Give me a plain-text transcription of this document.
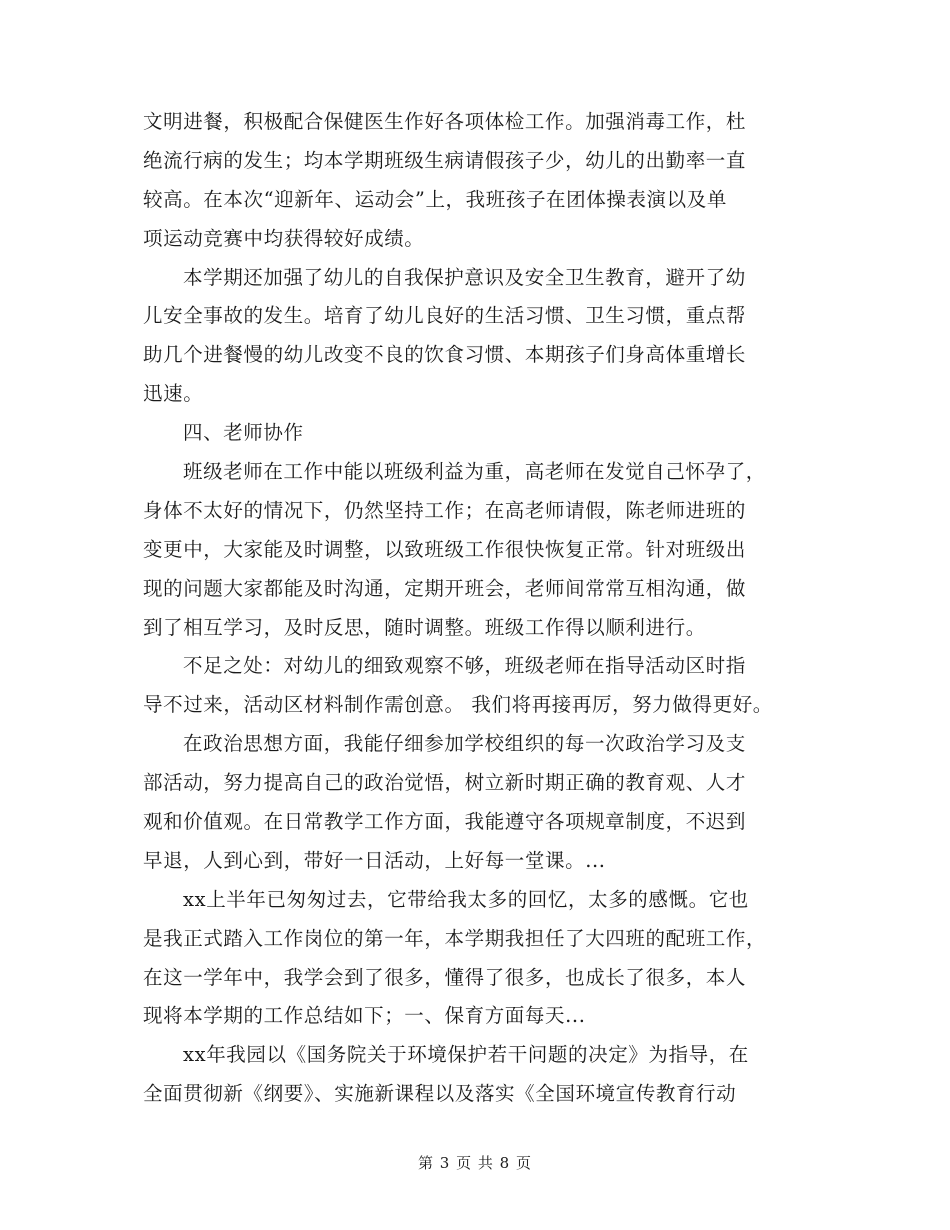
文明进餐，积极配合保健医生作好各项体检工作。加强消毒工作，杜
绝流行病的发生；均本学期班级生病请假孩子少，幼儿的出勤率一直
较高。在本次“迎新年、运动会”上，我班孩子在团体操表演以及单
项运动竞赛中均获得较好成绩。
本学期还加强了幼儿的自我保护意识及安全卫生教育，避开了幼
儿安全事故的发生。培育了幼儿良好的生活习惯、卫生习惯，重点帮
助几个进餐慢的幼儿改变不良的饮食习惯、本期孩子们身高体重增长
迅速。
四、老师协作
班级老师在工作中能以班级利益为重，高老师在发觉自己怀孕了，
身体不太好的情况下，仍然坚持工作；在高老师请假，陈老师进班的
变更中，大家能及时调整，以致班级工作很快恢复正常。针对班级出
现的问题大家都能及时沟通，定期开班会，老师间常常互相沟通，做
到了相互学习，及时反思，随时调整。班级工作得以顺利进行。
不足之处：对幼儿的细致观察不够，班级老师在指导活动区时指
导不过来，活动区材料制作需创意。 我们将再接再厉，努力做得更好。
在政治思想方面，我能仔细参加学校组织的每一次政治学习及支
部活动，努力提高自己的政治觉悟，树立新时期正确的教育观、人才
观和价值观。在日常教学工作方面，我能遵守各项规章制度，不迟到
早退，人到心到，带好一日活动，上好每一堂课。...
xx上半年已匆匆过去，它带给我太多的回忆，太多的感慨。它也
是我正式踏入工作岗位的第一年，本学期我担任了大四班的配班工作，
在这一学年中，我学会到了很多，懂得了很多，也成长了很多，本人
现将本学期的工作总结如下；一、保育方面每天...
xx年我园以《国务院关于环境保护若干问题的决定》为指导，在
全面贯彻新《纲要》、实施新课程以及落实《全国环境宣传教育行动
第 3 页 共 8 页
